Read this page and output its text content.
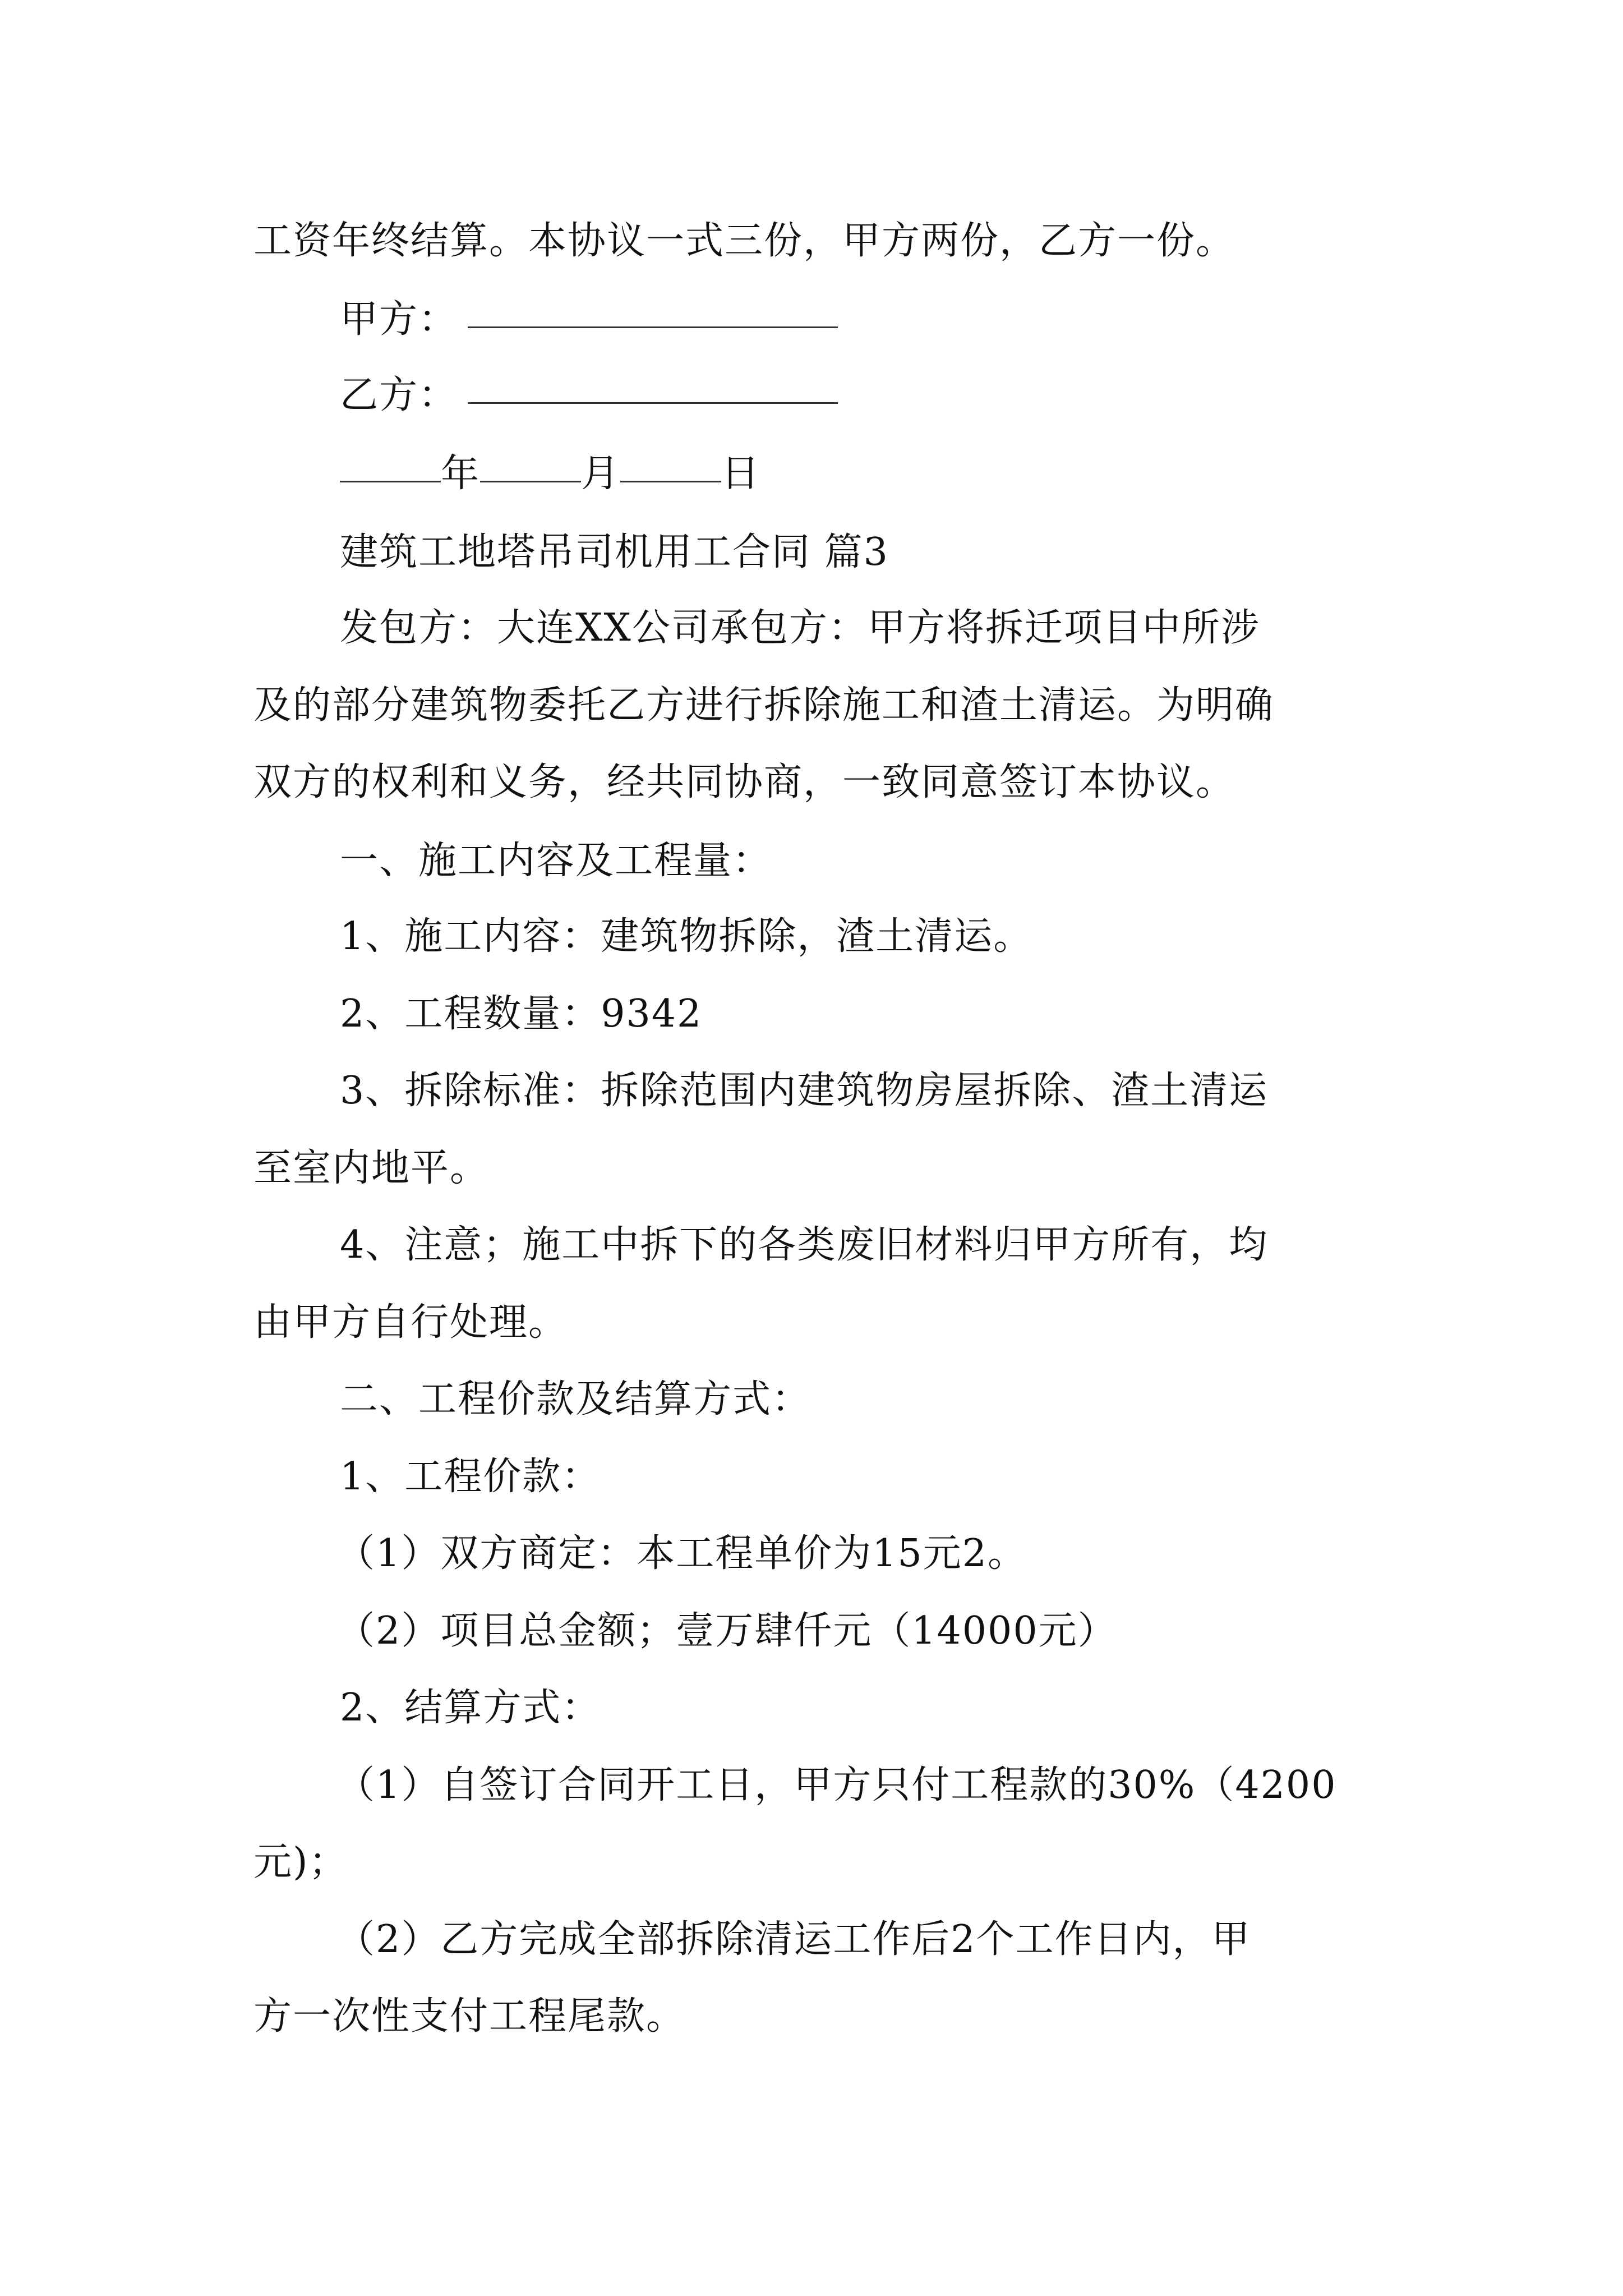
工资年终结算。本协议一式三份，甲方两份，乙方一份。
甲方：
乙方：
年	月	日
建筑工地塔吊司机用工合同 篇3
发包方：大连XX公司承包方：甲方将拆迁项目中所涉
及的部分建筑物委托乙方进行拆除施工和渣土清运。为明确
双方的权利和义务，经共同协商，一致同意签订本协议。
一、施工内容及工程量：
1、施工内容：建筑物拆除，渣土清运。
2、工程数量：9342
3、拆除标准：拆除范围内建筑物房屋拆除、渣土清运
至室内地平。
4、注意；施工中拆下的各类废旧材料归甲方所有，均
由甲方自行处理。
二、工程价款及结算方式：
1、工程价款：
（1）双方商定：本工程单价为15元2。
（2）项目总金额；壹万肆仟元（14000元）
2、结算方式：
（1）自签订合同开工日，甲方只付工程款的30%（4200
元)；
（2）乙方完成全部拆除清运工作后2个工作日内，甲
方一次性支付工程尾款。
